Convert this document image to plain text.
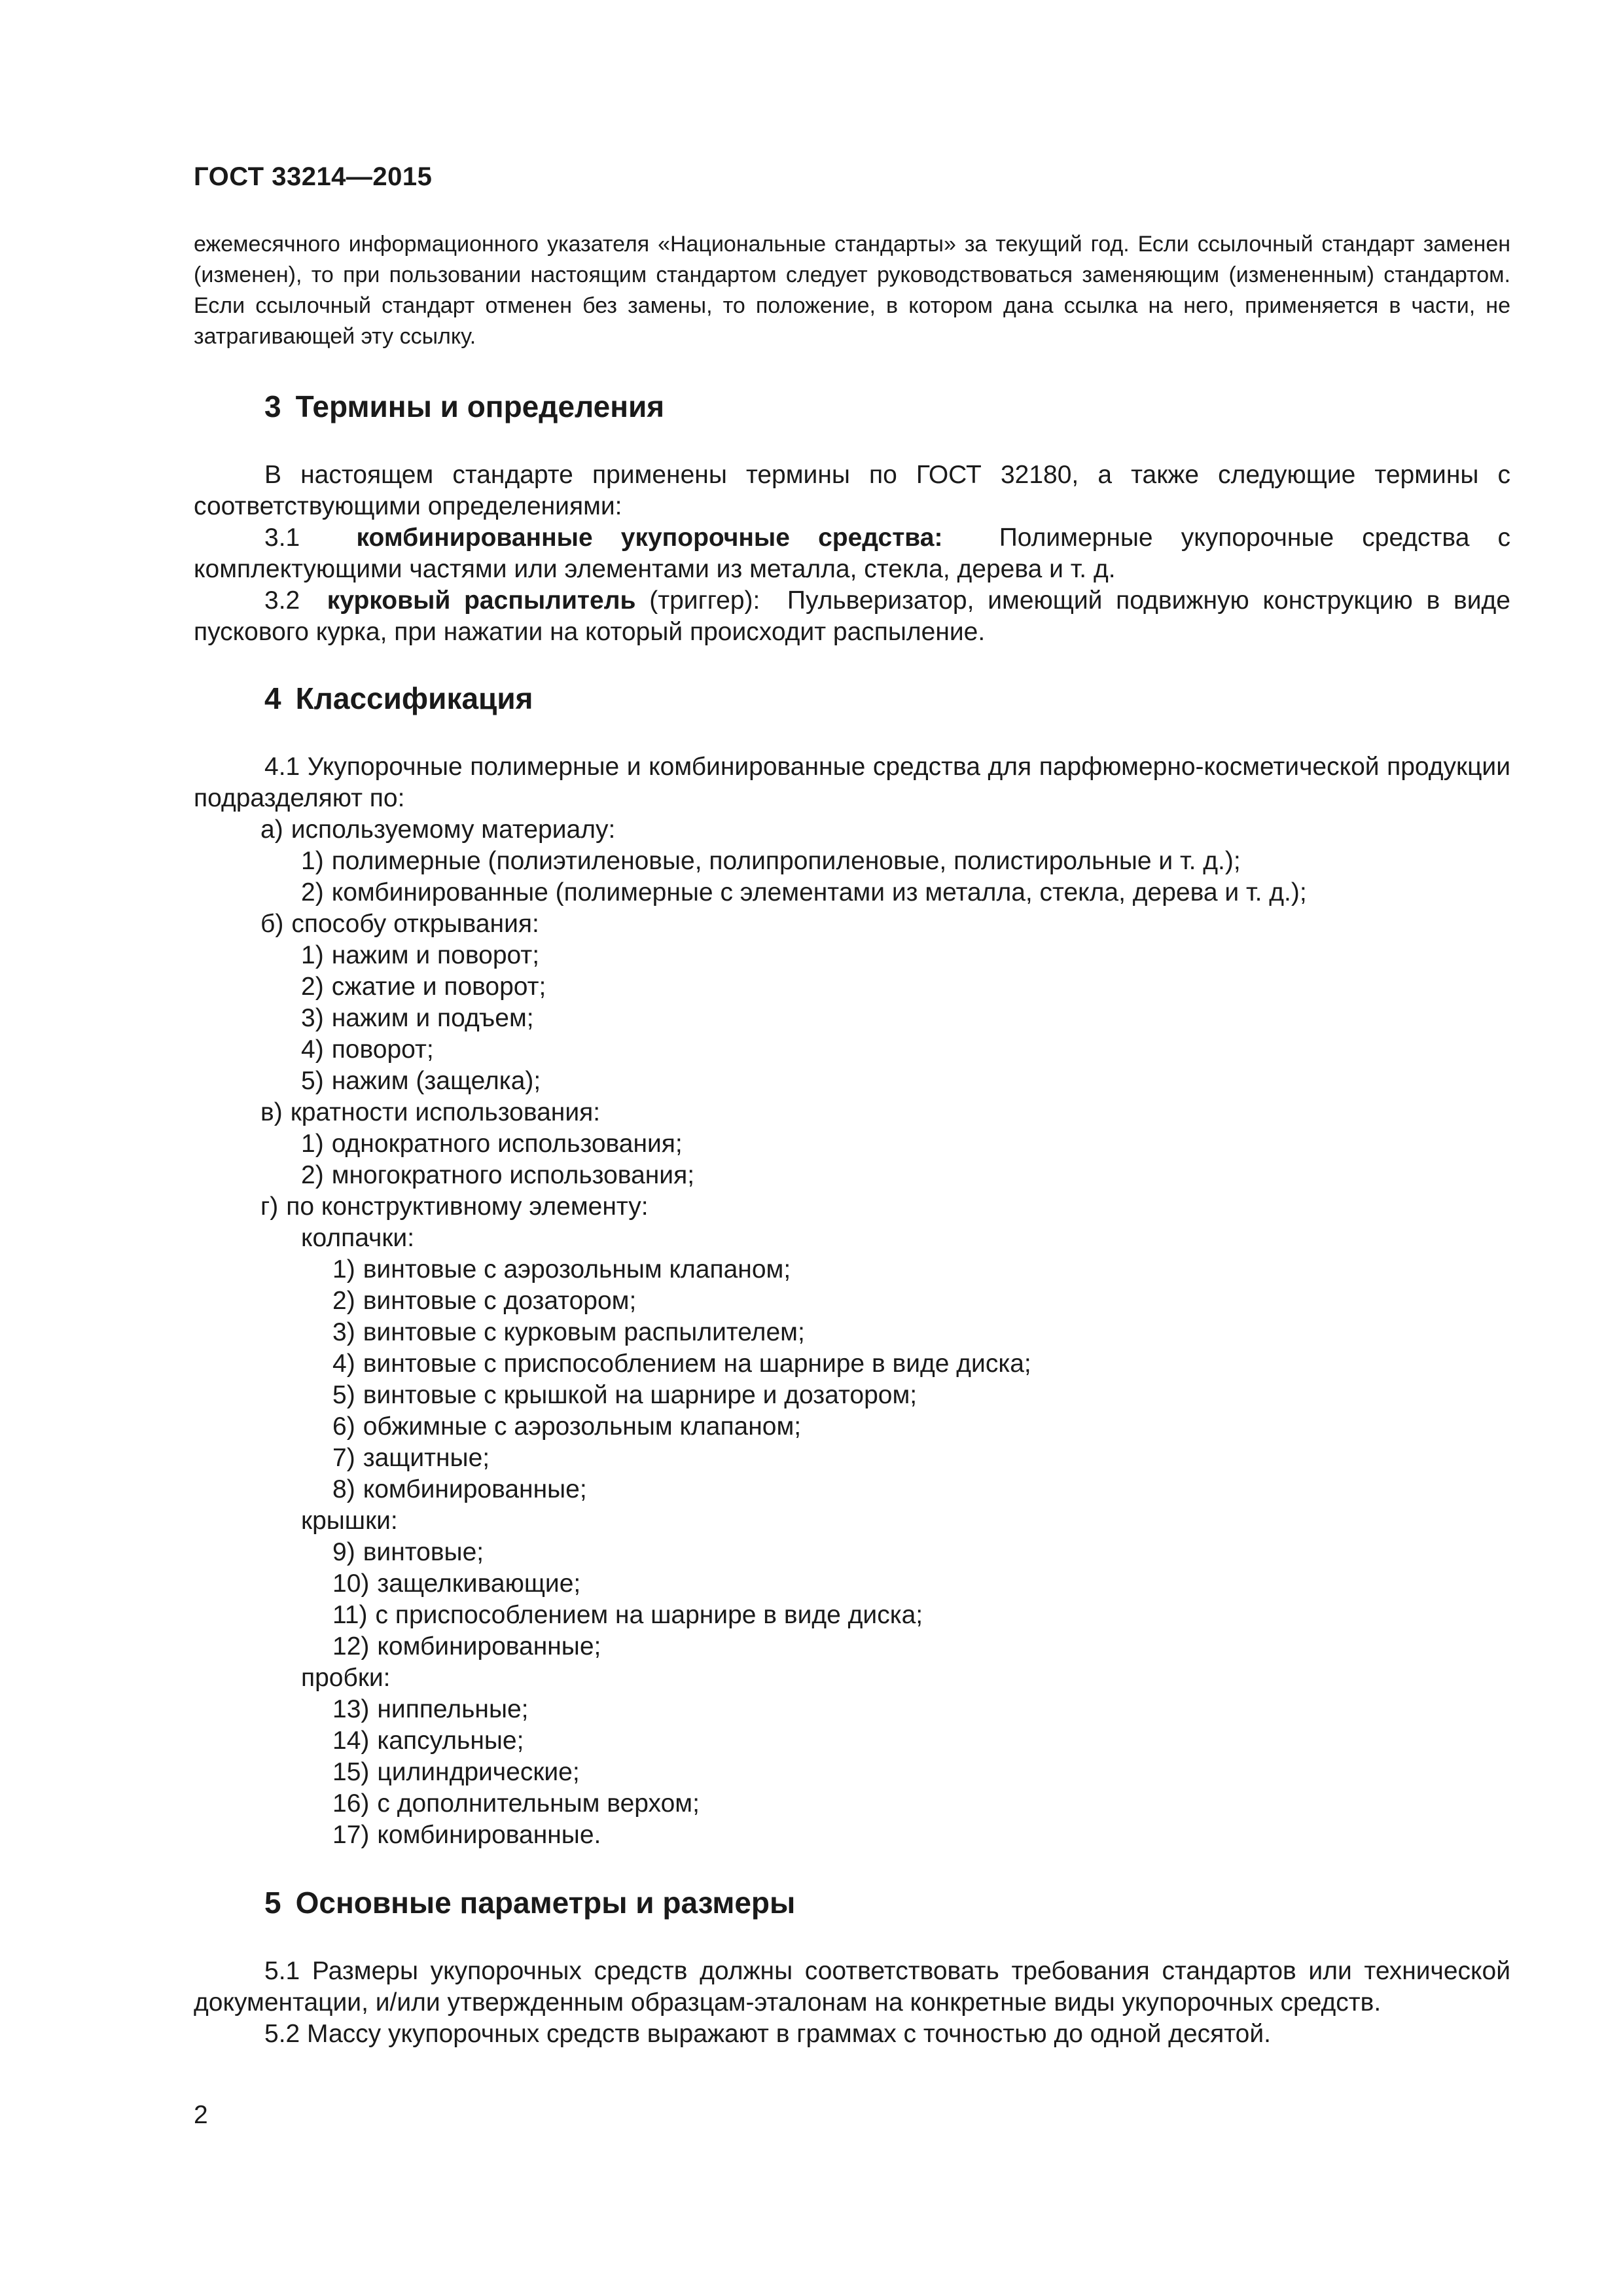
ГОСТ 33214—2015

ежемесячного информационного указателя «Национальные стандарты» за текущий год. Если ссылочный стандарт заменен (изменен), то при пользовании настоящим стандартом следует руководствоваться заменяющим (измененным) стандартом. Если ссылочный стандарт отменен без замены, то положение, в котором дана ссылка на него, применяется в части, не затрагивающей эту ссылку.

3 Термины и определения

В настоящем стандарте применены термины по ГОСТ 32180, а также следующие термины с соответствующими определениями:

3.1 комбинированные укупорочные средства: Полимерные укупорочные средства с комплектующими частями или элементами из металла, стекла, дерева и т. д.

3.2 курковый распылитель (триггер): Пульверизатор, имеющий подвижную конструкцию в виде пускового курка, при нажатии на который происходит распыление.

4 Классификация

4.1 Укупорочные полимерные и комбинированные средства для парфюмерно-косметической продукции подразделяют по:

а) используемому материалу:

1) полимерные (полиэтиленовые, полипропиленовые, полистирольные и т. д.);

2) комбинированные (полимерные с элементами из металла, стекла, дерева и т. д.);

б) способу открывания:

1) нажим и поворот;

2) сжатие и поворот;

3) нажим и подъем;

4) поворот;

5) нажим (защелка);

в) кратности использования:

1) однократного использования;

2) многократного использования;

г) по конструктивному элементу:

колпачки:

1) винтовые с аэрозольным клапаном;

2) винтовые с дозатором;

3) винтовые с курковым распылителем;

4) винтовые с приспособлением на шарнире в виде диска;

5) винтовые с крышкой на шарнире и дозатором;

6) обжимные с аэрозольным клапаном;

7) защитные;

8) комбинированные;

крышки:

9) винтовые;

10) защелкивающие;

11) с приспособлением на шарнире в виде диска;

12) комбинированные;

пробки:

13) ниппельные;

14) капсульные;

15) цилиндрические;

16) с дополнительным верхом;

17) комбинированные.

5 Основные параметры и размеры

5.1 Размеры укупорочных средств должны соответствовать требования стандартов или технической документации, и/или утвержденным образцам-эталонам на конкретные виды укупорочных средств.

5.2 Массу укупорочных средств выражают в граммах с точностью до одной десятой.

2
